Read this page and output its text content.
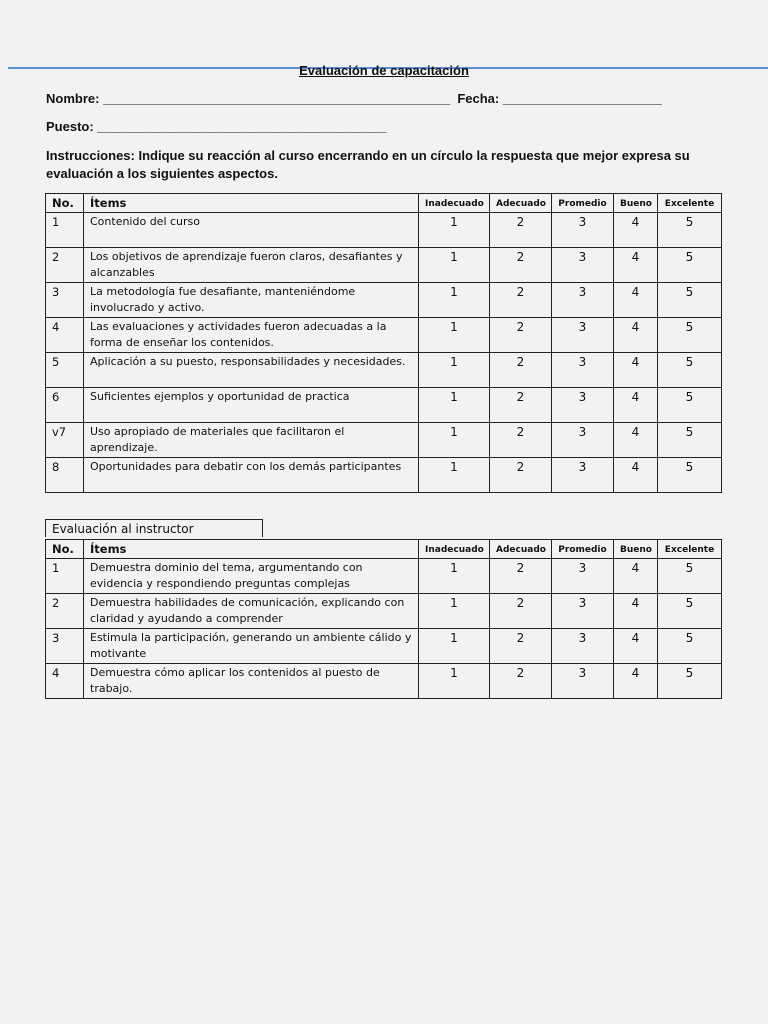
Evaluación de capacitación
Nombre: ________________________________________________  Fecha: ______________________
Puesto: ________________________________________
Instrucciones: Indique su reacción al curso encerrando en un círculo la respuesta que mejor expresa su evaluación a los siguientes aspectos.
No.	Ítems	Inadecuado	Adecuado	Promedio	Bueno	Excelente
1	Contenido del curso	1	2	3	4	5
2	Los objetivos de aprendizaje fueron claros, desafiantes y alcanzables	1	2	3	4	5
3	La metodología fue desafiante, manteniéndome involucrado y activo.	1	2	3	4	5
4	Las evaluaciones y actividades fueron adecuadas a la forma de enseñar los contenidos.	1	2	3	4	5
5	Aplicación a su puesto, responsabilidades y necesidades.	1	2	3	4	5
6	Suficientes ejemplos y oportunidad de practica	1	2	3	4	5
v7	Uso apropiado de materiales que facilitaron el aprendizaje.	1	2	3	4	5
8	Oportunidades para debatir con los demás participantes	1	2	3	4	5
Evaluación al instructor
No.	Ítems	Inadecuado	Adecuado	Promedio	Bueno	Excelente
1	Demuestra dominio del tema, argumentando con evidencia y respondiendo preguntas complejas	1	2	3	4	5
2	Demuestra habilidades de comunicación, explicando con claridad y ayudando a comprender	1	2	3	4	5
3	Estimula la participación, generando un ambiente cálido y motivante	1	2	3	4	5
4	Demuestra cómo aplicar los contenidos al puesto de trabajo.	1	2	3	4	5
